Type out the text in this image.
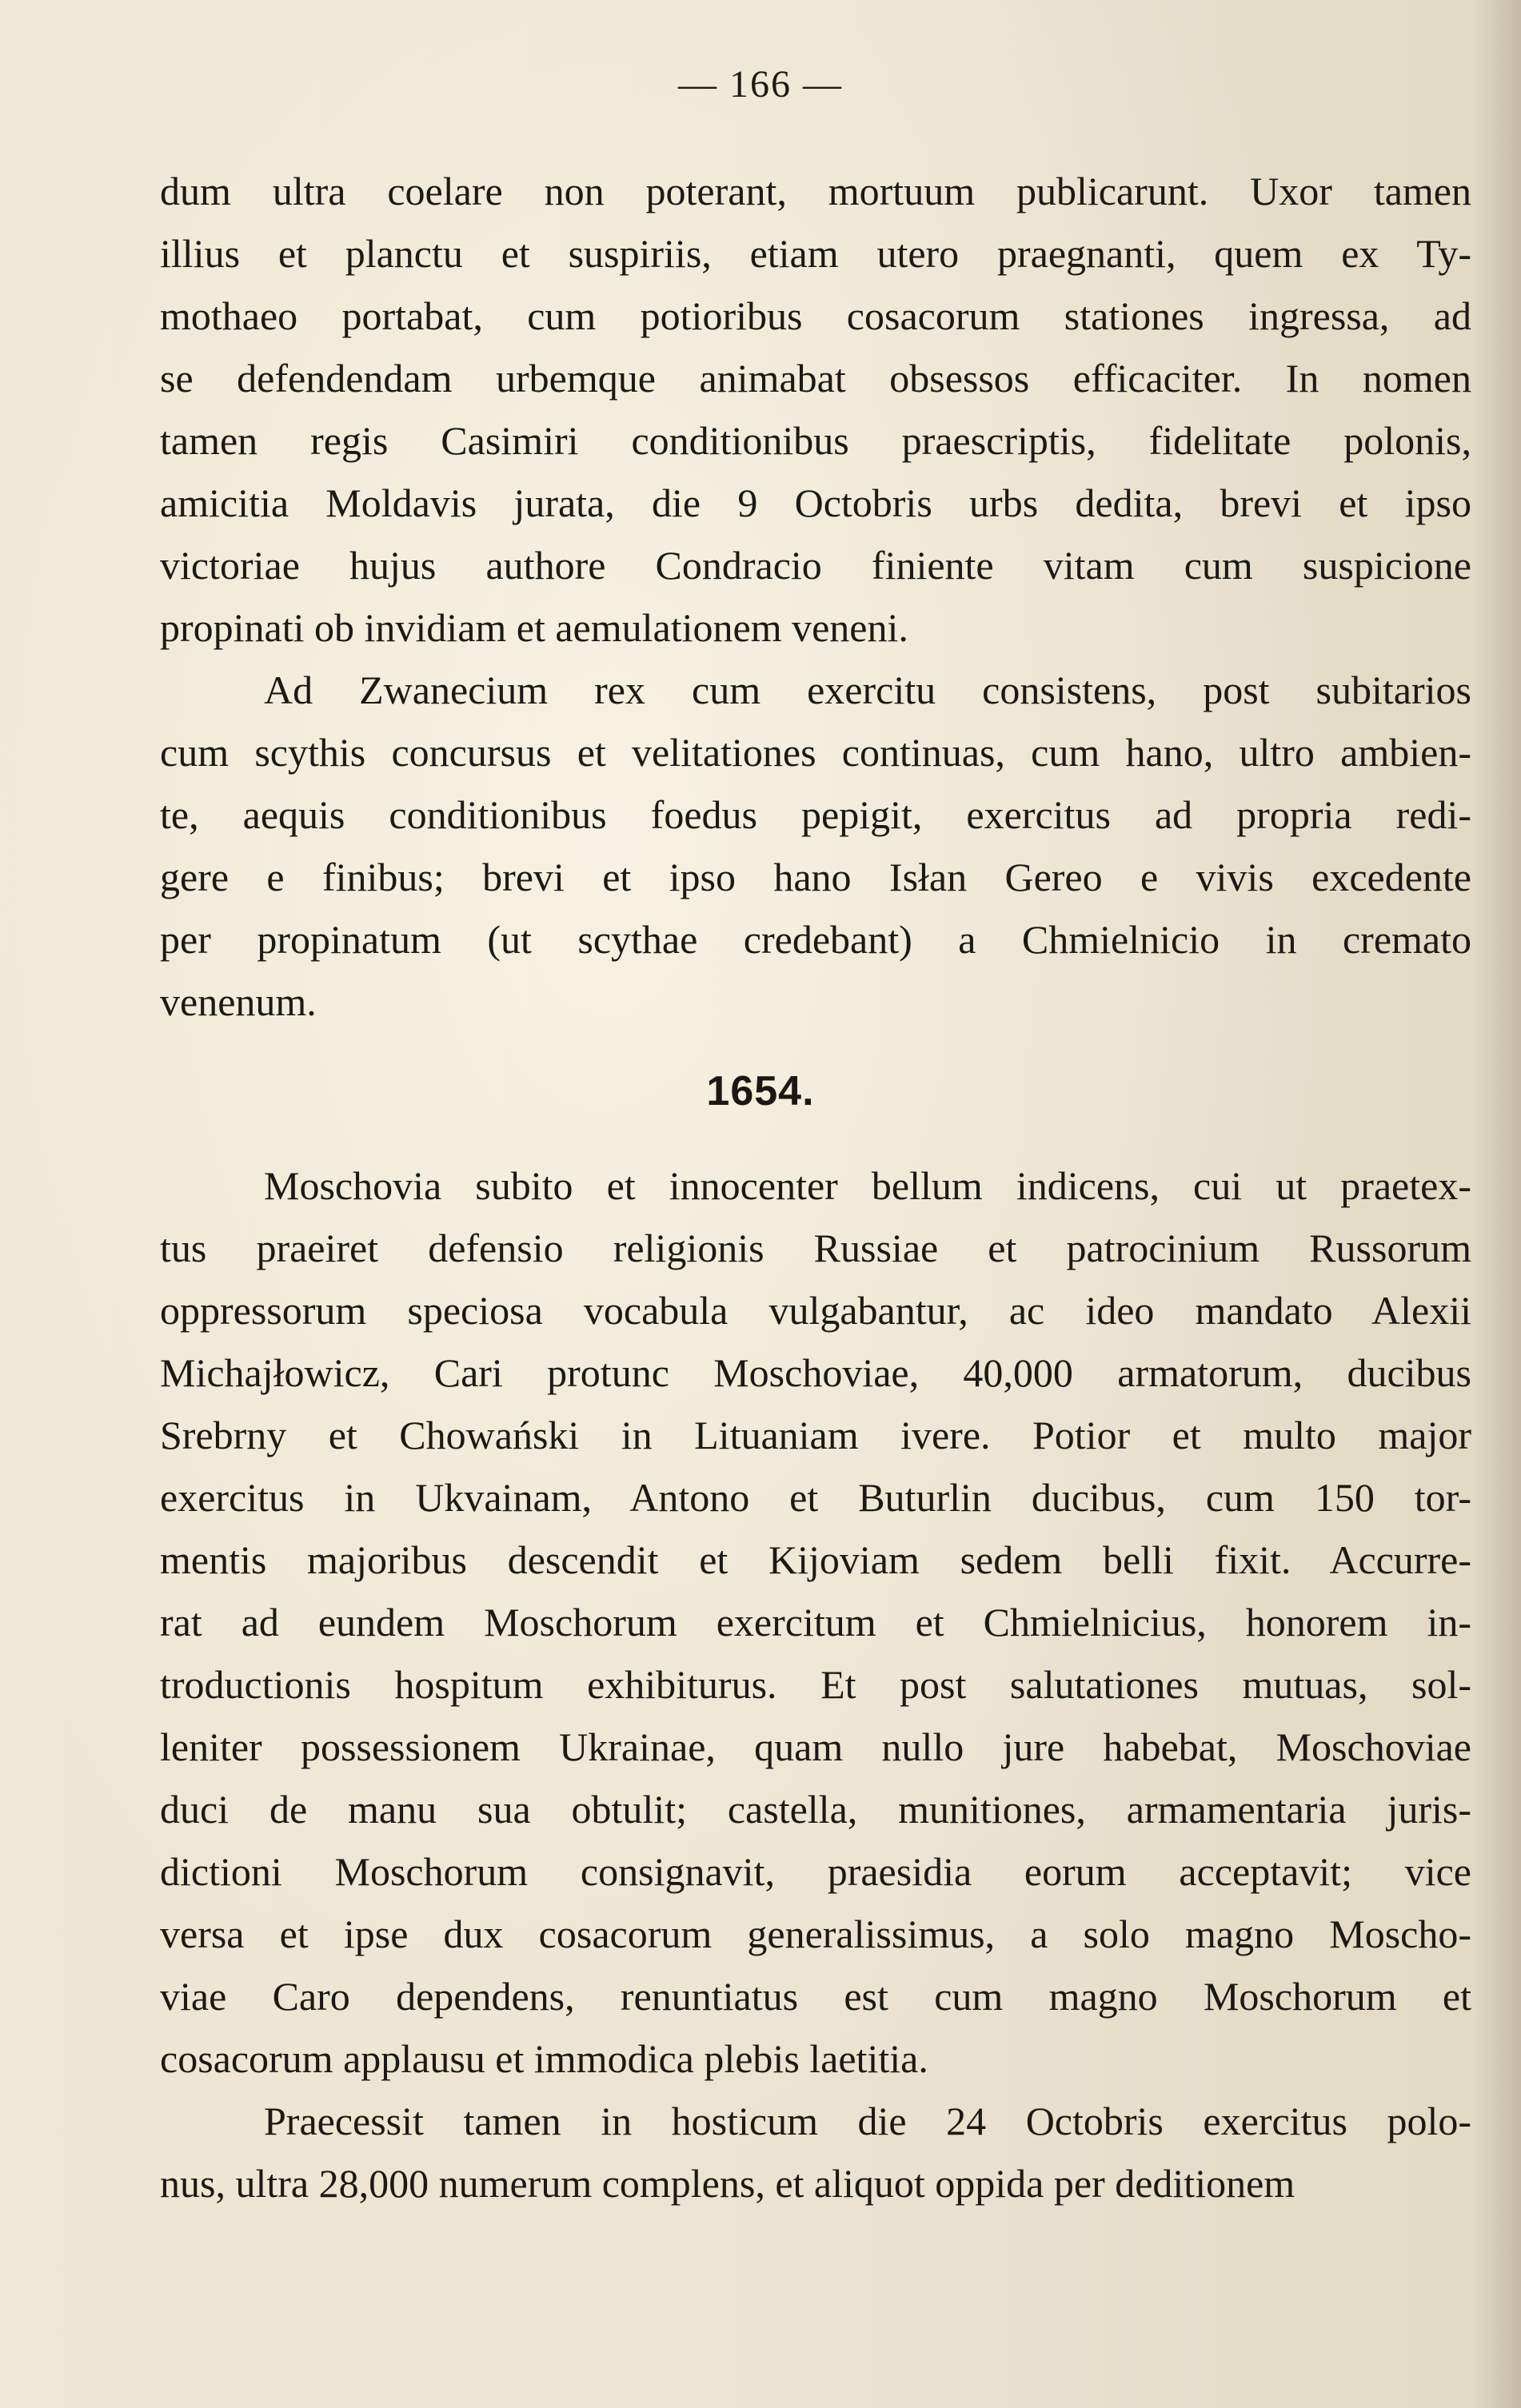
— 166 —
dum ultra coelare non poterant, mortuum publicarunt. Uxor tamen
illius et planctu et suspiriis, etiam utero praegnanti, quem ex Ty-
mothaeo portabat, cum potioribus cosacorum stationes ingressa, ad
se defendendam urbemque animabat obsessos efficaciter. In nomen
tamen regis Casimiri conditionibus praescriptis, fidelitate polonis,
amicitia Moldavis jurata, die 9 Octobris urbs dedita, brevi et ipso
victoriae hujus authore Condracio finiente vitam cum suspicione
propinati ob invidiam et aemulationem veneni.
Ad Zwanecium rex cum exercitu consistens, post subitarios
cum scythis concursus et velitationes continuas, cum hano, ultro ambien-
te, aequis conditionibus foedus pepigit, exercitus ad propria redi-
gere e finibus; brevi et ipso hano Isłan Gereo e vivis excedente
per propinatum (ut scythae credebant) a Chmielnicio in cremato
venenum.
1654.
Moschovia subito et innocenter bellum indicens, cui ut praetex-
tus praeiret defensio religionis Russiae et patrocinium Russorum
oppressorum speciosa vocabula vulgabantur, ac ideo mandato Alexii
Michajłowicz, Cari protunc Moschoviae, 40,000 armatorum, ducibus
Srebrny et Chowański in Lituaniam ivere. Potior et multo major
exercitus in Ukvainam, Antono et Buturlin ducibus, cum 150 tor-
mentis majoribus descendit et Kijoviam sedem belli fixit. Accurre-
rat ad eundem Moschorum exercitum et Chmielnicius, honorem in-
troductionis hospitum exhibiturus. Et post salutationes mutuas, sol-
leniter possessionem Ukrainae, quam nullo jure habebat, Moschoviae
duci de manu sua obtulit; castella, munitiones, armamentaria juris-
dictioni Moschorum consignavit, praesidia eorum acceptavit; vice
versa et ipse dux cosacorum generalissimus, a solo magno Moscho-
viae Caro dependens, renuntiatus est cum magno Moschorum et
cosacorum applausu et immodica plebis laetitia.
Praecessit tamen in hosticum die 24 Octobris exercitus polo-
nus, ultra 28,000 numerum complens, et aliquot oppida per deditionem
